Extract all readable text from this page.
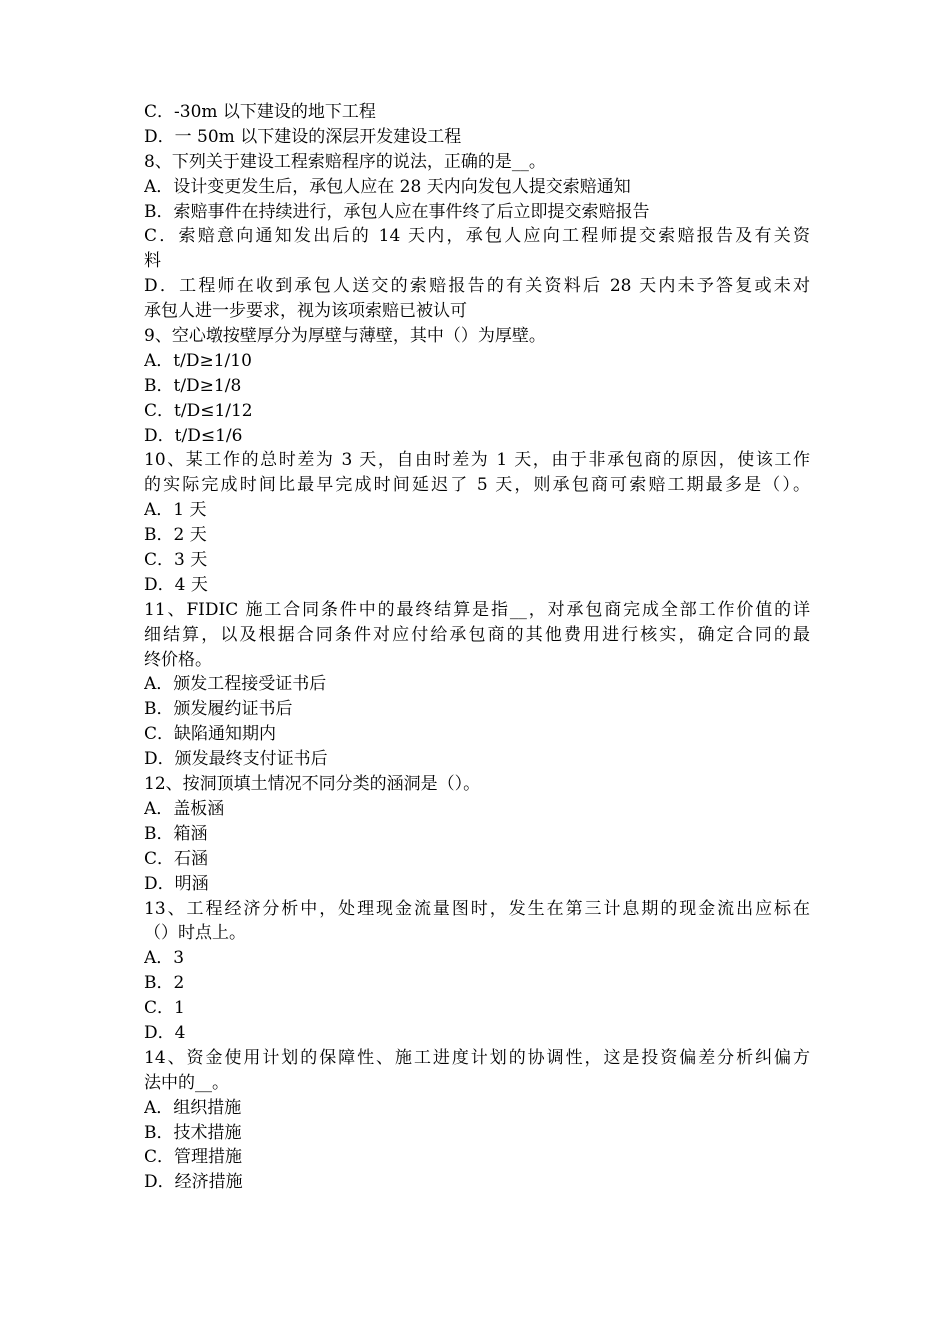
C．-30m 以下建设的地下工程
D．一 50m 以下建设的深层开发建设工程
8、下列关于建设工程索赔程序的说法，正确的是__。
A．设计变更发生后，承包人应在 28 天内向发包人提交索赔通知
B．索赔事件在持续进行，承包人应在事件终了后立即提交索赔报告
C．索赔意向通知发出后的 14 天内，承包人应向工程师提交索赔报告及有关资
料
D．工程师在收到承包人送交的索赔报告的有关资料后 28 天内未予答复或未对
承包人进一步要求，视为该项索赔已被认可
9、空心墩按壁厚分为厚壁与薄壁，其中（）为厚壁。
A．t/D≥1/10
B．t/D≥1/8
C．t/D≤1/12
D．t/D≤1/6
10、某工作的总时差为 3 天，自由时差为 1 天，由于非承包商的原因，使该工作
的实际完成时间比最早完成时间延迟了 5 天，则承包商可索赔工期最多是（）。
A．1 天
B．2 天
C．3 天
D．4 天
11、FIDIC 施工合同条件中的最终结算是指__，对承包商完成全部工作价值的详
细结算，以及根据合同条件对应付给承包商的其他费用进行核实，确定合同的最
终价格。
A．颁发工程接受证书后
B．颁发履约证书后
C．缺陷通知期内
D．颁发最终支付证书后
12、按洞顶填土情况不同分类的涵洞是（）。
A．盖板涵
B．箱涵
C．石涵
D．明涵
13、工程经济分析中，处理现金流量图时，发生在第三计息期的现金流出应标在
（）时点上。
A．3
B．2
C．1
D．4
14、资金使用计划的保障性、施工进度计划的协调性，这是投资偏差分析纠偏方
法中的__。
A．组织措施
B．技术措施
C．管理措施
D．经济措施
